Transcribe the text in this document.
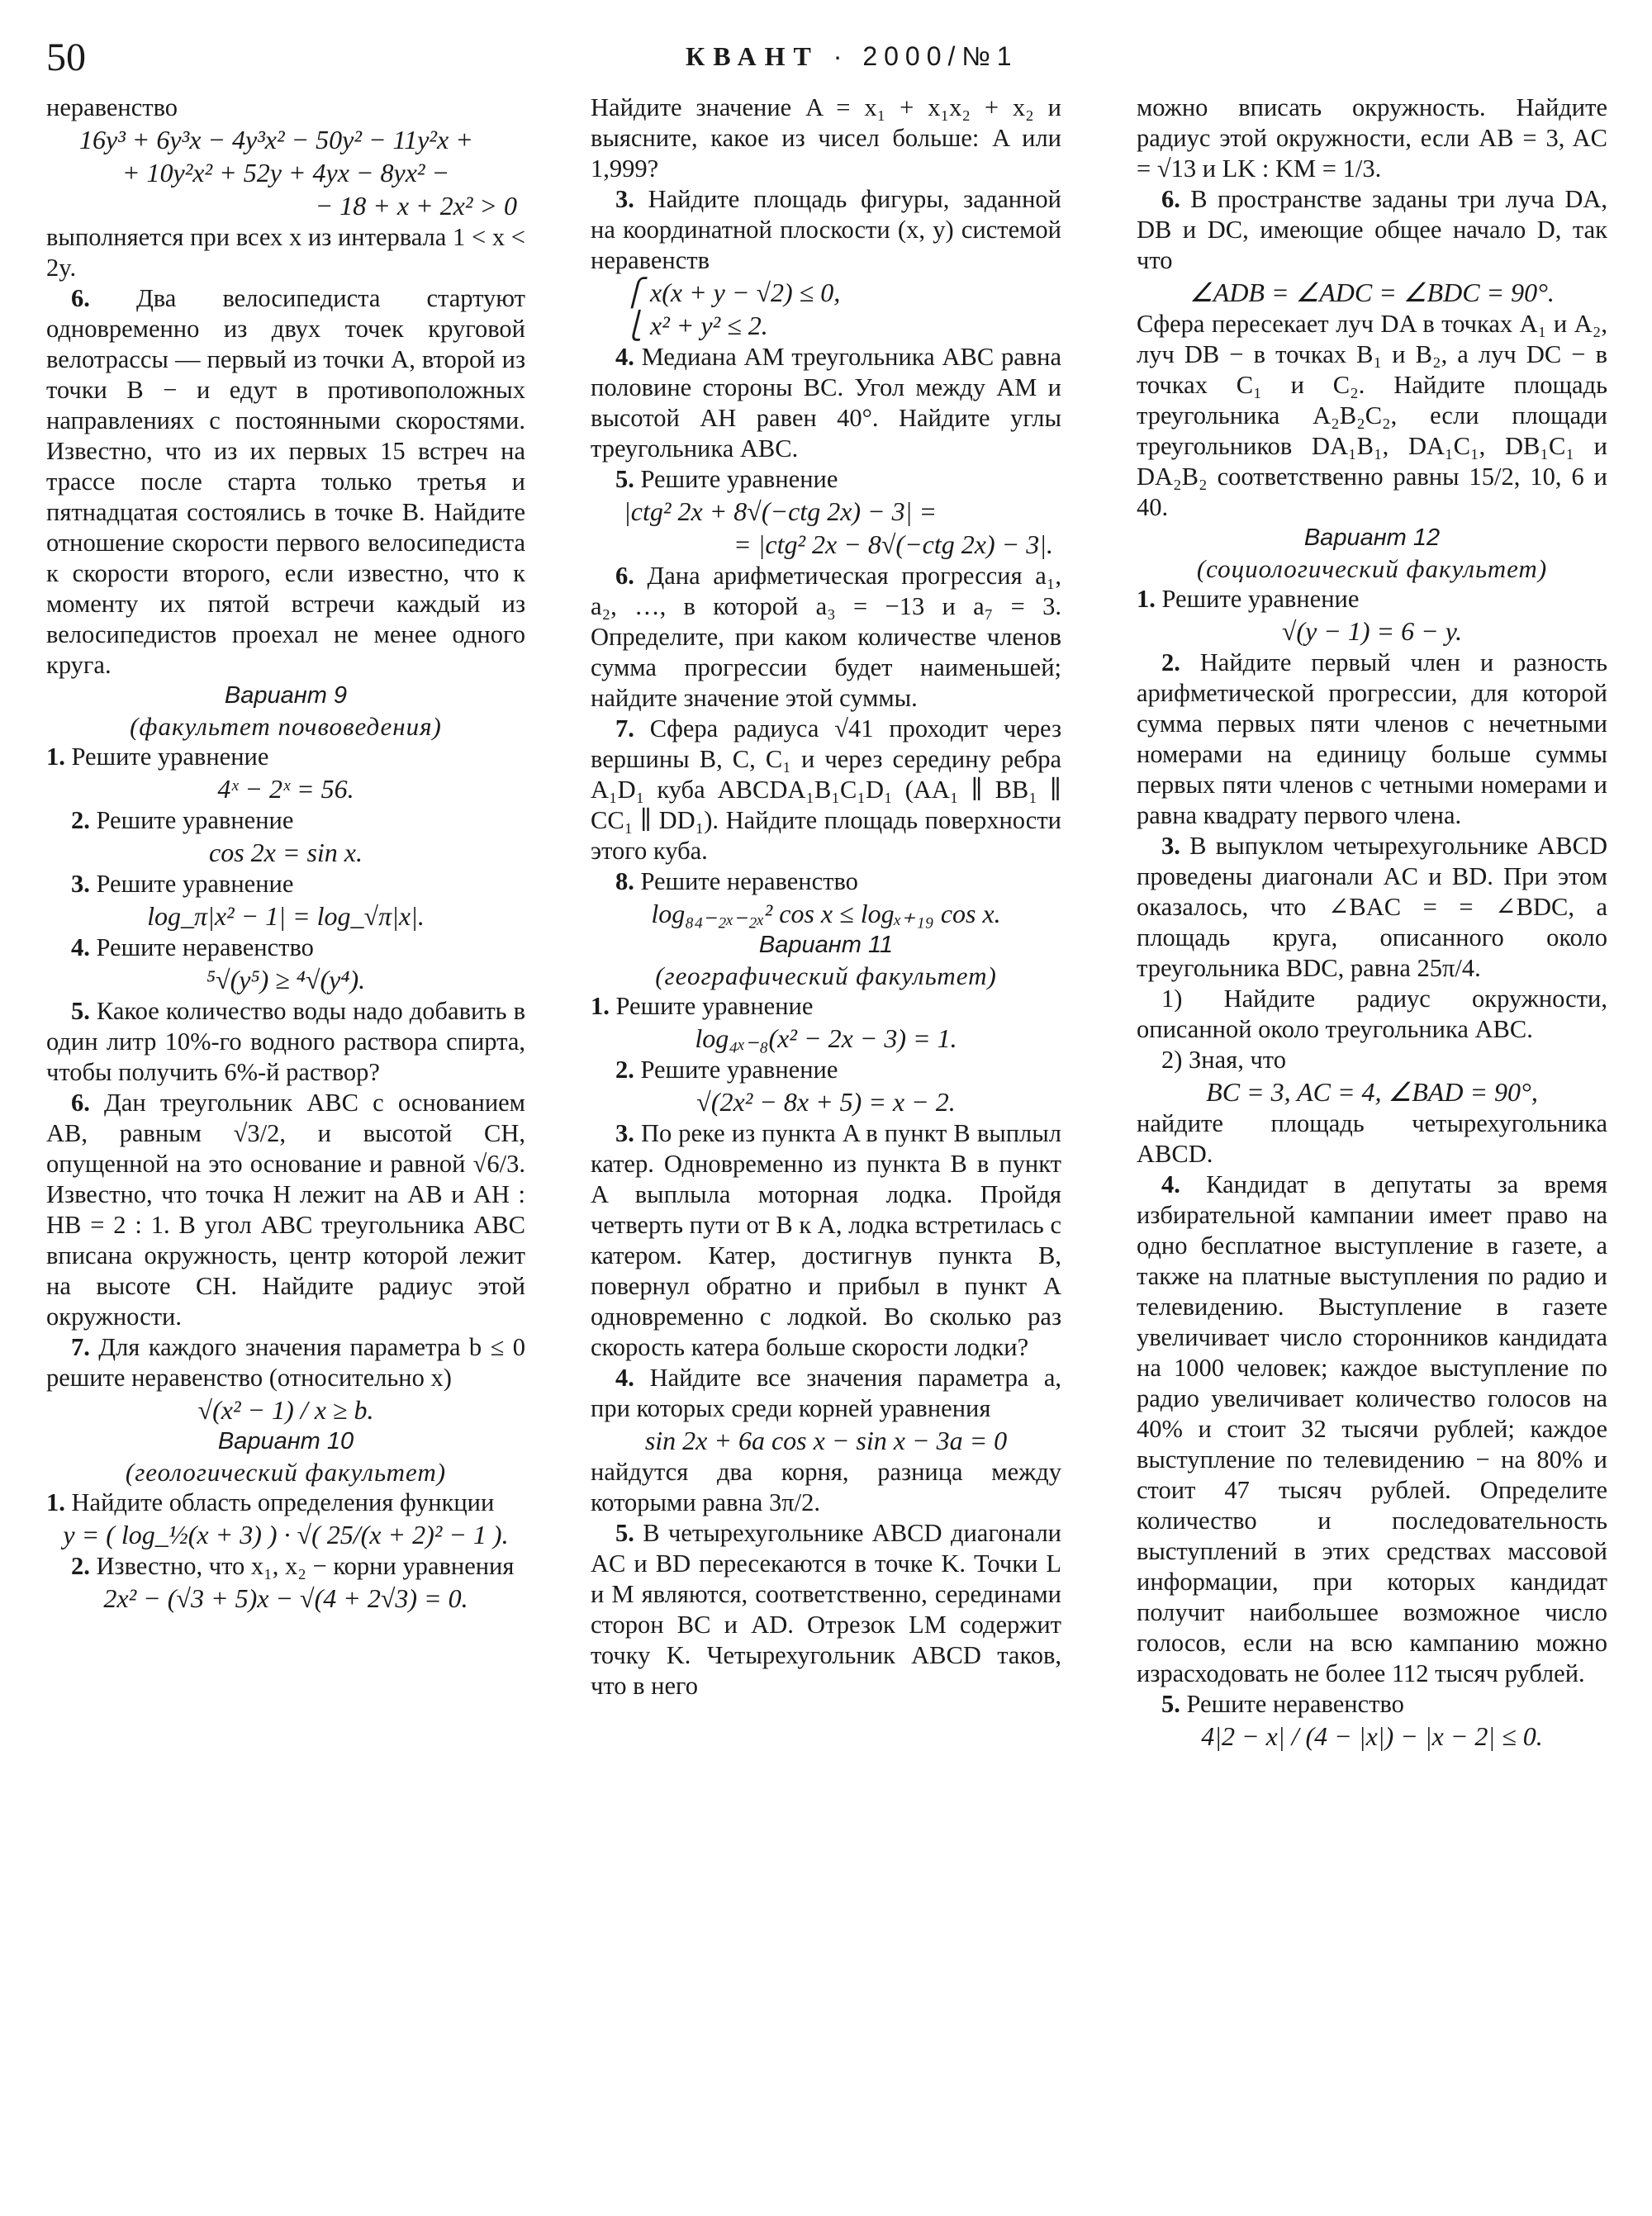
50	КВАНТ · 2000/№1

неравенство

16y³ + 6y³x − 4y³x² − 50y² − 11y²x +

+ 10y²x² + 52y + 4yx − 8yx² −

− 18 + x + 2x² > 0

выполняется при всех x из интервала 1 < x < 2y.

6. Два велосипедиста стартуют одновременно из двух точек круговой велотрассы — первый из точки A, второй из точки B − и едут в противоположных направлениях с постоянными скоростями. Известно, что из их первых 15 встреч на трассе после старта только третья и пятнадцатая состоялись в точке B. Найдите отношение скорости первого велосипедиста к скорости второго, если известно, что к моменту их пятой встречи каждый из велосипедистов проехал не менее одного круга.

Вариант 9

(факультет почвоведения)

1. Решите уравнение

4ˣ − 2ˣ = 56.

2. Решите уравнение

cos 2x = sin x.

3. Решите уравнение

log_π|x² − 1| = log_√π|x|.

4. Решите неравенство

⁵√(y⁵) ≥ ⁴√(y⁴).

5. Какое количество воды надо добавить в один литр 10%-го водного раствора спирта, чтобы получить 6%-й раствор?

6. Дан треугольник ABC с основанием AB, равным √3/2, и высотой CH, опущенной на это основание и равной √6/3. Известно, что точка H лежит на AB и AH : HB = 2 : 1. В угол ABC треугольника ABC вписана окружность, центр которой лежит на высоте CH. Найдите радиус этой окружности.

7. Для каждого значения параметра b ≤ 0 решите неравенство (относительно x)

√(x² − 1) / x ≥ b.

Вариант 10

(геологический факультет)

1. Найдите область определения функции

y = ( log_½(x + 3) ) · √( 25/(x + 2)² − 1 ).

2. Известно, что x₁, x₂ − корни уравнения

2x² − (√3 + 5)x − √(4 + 2√3) = 0.

Найдите значение A = x₁ + x₁x₂ + x₂ и выясните, какое из чисел больше: A или 1,999?

3. Найдите площадь фигуры, заданной на координатной плоскости (x, y) системой неравенств

⎧ x(x + y − √2) ≤ 0,

⎩ x² + y² ≤ 2.

4. Медиана AM треугольника ABC равна половине стороны BC. Угол между AM и высотой AH равен 40°. Найдите углы треугольника ABC.

5. Решите уравнение

|ctg² 2x + 8√(−ctg 2x) − 3| =

= |ctg² 2x − 8√(−ctg 2x) − 3|.

6. Дана арифметическая прогрессия a₁, a₂, …, в которой a₃ = −13 и a₇ = 3. Определите, при каком количестве членов сумма прогрессии будет наименьшей; найдите значение этой суммы.

7. Сфера радиуса √41 проходит через вершины B, C, C₁ и через середину ребра A₁D₁ куба ABCDA₁B₁C₁D₁ (AA₁ ∥ BB₁ ∥ CC₁ ∥ DD₁). Найдите площадь поверхности этого куба.

8. Решите неравенство

log₈₄₋₂ₓ₋₂ₓ² cos x ≤ logₓ₊₁₉ cos x.

Вариант 11

(географический факультет)

1. Решите уравнение

log₄ₓ₋₈(x² − 2x − 3) = 1.

2. Решите уравнение

√(2x² − 8x + 5) = x − 2.

3. По реке из пункта A в пункт B выплыл катер. Одновременно из пункта B в пункт A выплыла моторная лодка. Пройдя четверть пути от B к A, лодка встретилась с катером. Катер, достигнув пункта B, повернул обратно и прибыл в пункт A одновременно с лодкой. Во сколько раз скорость катера больше скорости лодки?

4. Найдите все значения параметра a, при которых среди корней уравнения

sin 2x + 6a cos x − sin x − 3a = 0

найдутся два корня, разница между которыми равна 3π/2.

5. В четырехугольнике ABCD диагонали AC и BD пересекаются в точке K. Точки L и M являются, соответственно, серединами сторон BC и AD. Отрезок LM содержит точку K. Четырехугольник ABCD таков, что в него

можно вписать окружность. Найдите радиус этой окружности, если AB = 3, AC = √13 и LK : KM = 1/3.

6. В пространстве заданы три луча DA, DB и DC, имеющие общее начало D, так что

∠ADB = ∠ADC = ∠BDC = 90°.

Сфера пересекает луч DA в точках A₁ и A₂, луч DB − в точках B₁ и B₂, а луч DC − в точках C₁ и C₂. Найдите площадь треугольника A₂B₂C₂, если площади треугольников DA₁B₁, DA₁C₁, DB₁C₁ и DA₂B₂ соответственно равны 15/2, 10, 6 и 40.

Вариант 12

(социологический факультет)

1. Решите уравнение

√(y − 1) = 6 − y.

2. Найдите первый член и разность арифметической прогрессии, для которой сумма первых пяти членов с нечетными номерами на единицу больше суммы первых пяти членов с четными номерами и равна квадрату первого члена.

3. В выпуклом четырехугольнике ABCD проведены диагонали AC и BD. При этом оказалось, что ∠BAC = = ∠BDC, а площадь круга, описанного около треугольника BDC, равна 25π/4.

1) Найдите радиус окружности, описанной около треугольника ABC.

2) Зная, что

BC = 3, AC = 4, ∠BAD = 90°,

найдите площадь четырехугольника ABCD.

4. Кандидат в депутаты за время избирательной кампании имеет право на одно бесплатное выступление в газете, а также на платные выступления по радио и телевидению. Выступление в газете увеличивает число сторонников кандидата на 1000 человек; каждое выступление по радио увеличивает количество голосов на 40% и стоит 32 тысячи рублей; каждое выступление по телевидению − на 80% и стоит 47 тысяч рублей. Определите количество и последовательность выступлений в этих средствах массовой информации, при которых кандидат получит наибольшее возможное число голосов, если на всю кампанию можно израсходовать не более 112 тысяч рублей.

5. Решите неравенство

4|2 − x| / (4 − |x|) − |x − 2| ≤ 0.
